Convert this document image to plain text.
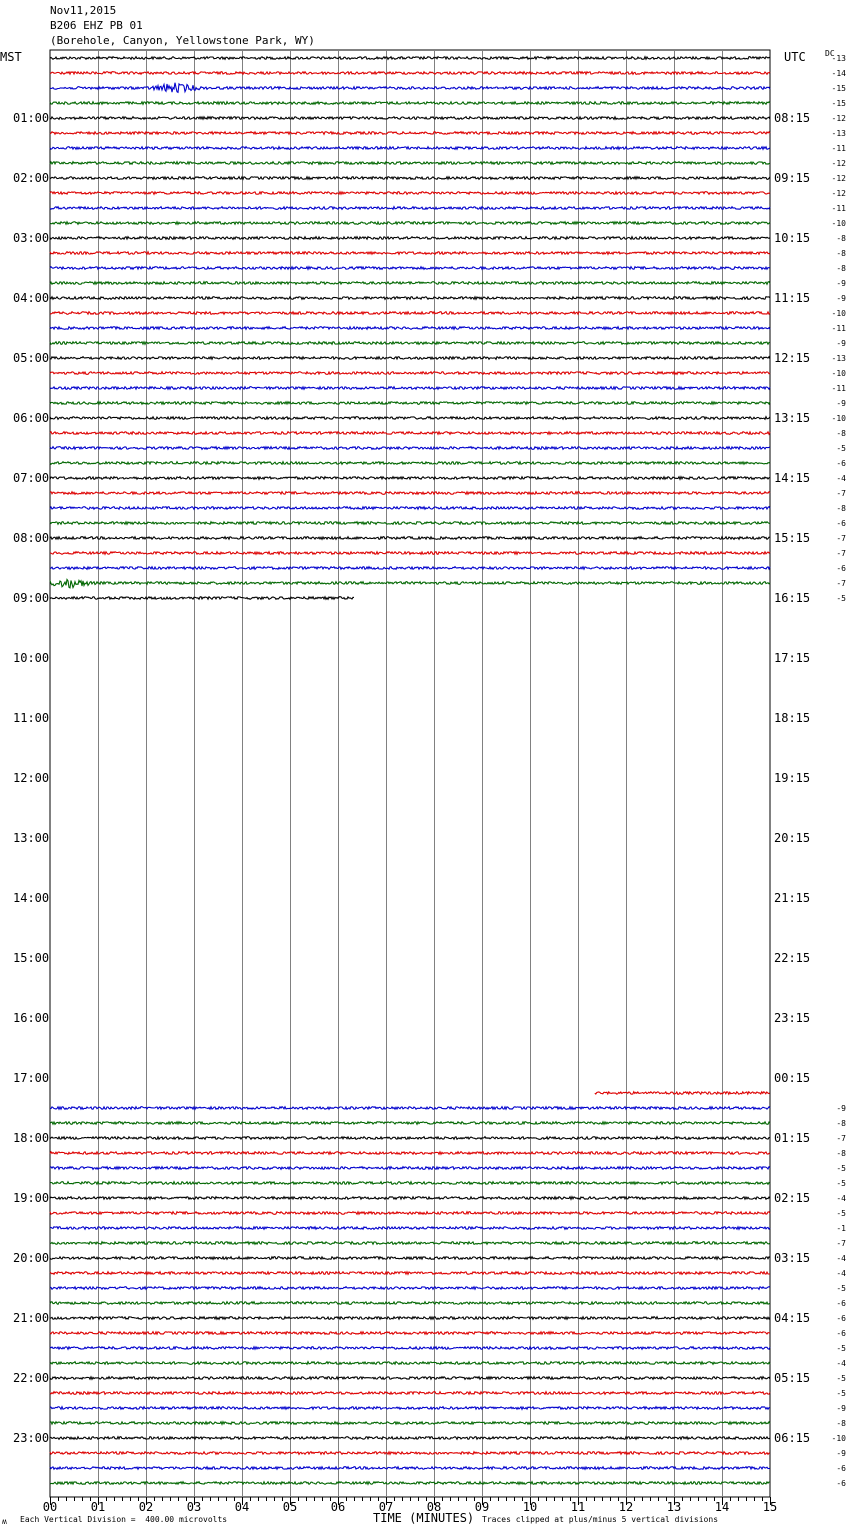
Nov11,2015
B206 EHZ PB 01
(Borehole, Canyon, Yellowstone Park, WY)
MST	UTC DC
01:00
02:00
03:00
04:00
05:00
06:00
07:00
08:00
09:00
10:00
11:00
12:00
13:00
14:00
15:00
16:00
17:00
18:00
19:00
20:00
21:00
22:00
23:00
08:15
09:15
10:15
11:15
12:15
13:15
14:15
15:15
16:15
17:15
18:15
19:15
20:15
21:15
22:15
23:15
00:15
01:15
02:15
03:15
04:15
05:15
06:15
00	01	02	03	04	05	06	07	08	09	10	11	12	13	14	15
-13
-14
-15
-15
-12
-13
-11
-12
-12
-12
-11
-10
-8
-8
-8
-9
-9
-10
-11
-9
-13
-10
-11
-9
-10
-8
-5
-6
-4
-7
-8
-6
-7
-7
-6
-7
-5
-9
-8
-7
-8
-5
-5
-4
-5
-1
-7
-4
-4
-5
-6
-6
-6
-5
-4
-5
-5
-9
-8
-10
-9
-6
-6
ʍ Each Vertical Division =  400.00 microvolts	TIME (MINUTES) Traces clipped at plus/minus 5 vertical divisions
